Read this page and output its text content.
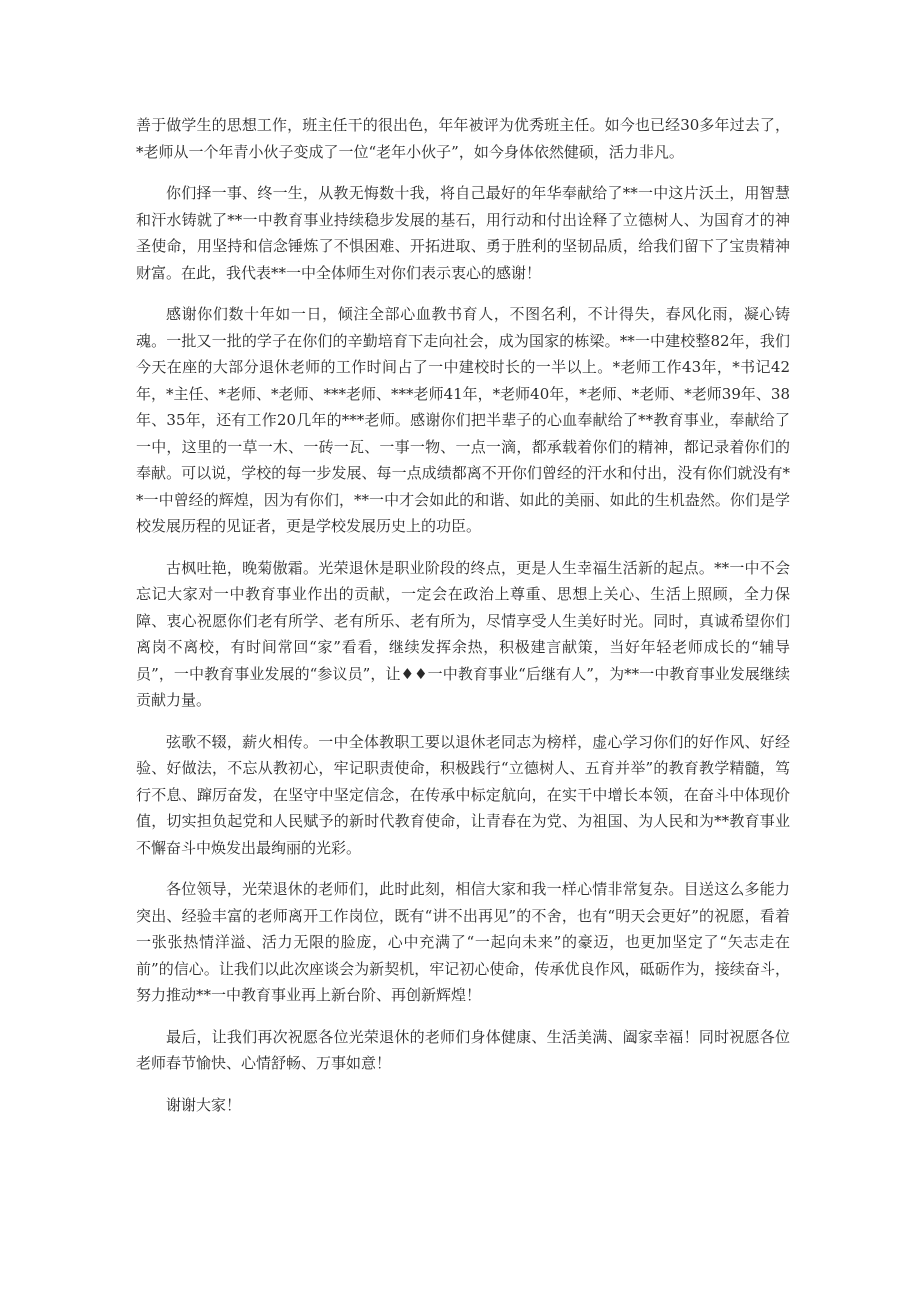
善于做学生的思想工作，班主任干的很出色，年年被评为优秀班主任。如今也已经30多年过去了，*老师从一个年青小伙子变成了一位“老年小伙子”，如今身体依然健硕，活力非凡。

你们择一事、终一生，从教无悔数十我，将自己最好的年华奉献给了**一中这片沃土，用智慧和汗水铸就了**一中教育事业持续稳步发展的基石，用行动和付出诠释了立德树人、为国育才的神圣使命，用坚持和信念锤炼了不惧困难、开拓进取、勇于胜利的坚韧品质，给我们留下了宝贵精神财富。在此，我代表**一中全体师生对你们表示衷心的感谢！

感谢你们数十年如一日，倾注全部心血教书育人，不图名利，不计得失，春风化雨，凝心铸魂。一批又一批的学子在你们的辛勤培育下走向社会，成为国家的栋梁。**一中建校整82年，我们今天在座的大部分退休老师的工作时间占了一中建校时长的一半以上。*老师工作43年，*书记42年，*主任、*老师、*老师、***老师、***老师41年，*老师40年，*老师、*老师、*老师39年、38年、35年，还有工作20几年的***老师。感谢你们把半辈子的心血奉献给了**教育事业，奉献给了一中，这里的一草一木、一砖一瓦、一事一物、一点一滴，都承载着你们的精神，都记录着你们的奉献。可以说，学校的每一步发展、每一点成绩都离不开你们曾经的汗水和付出，没有你们就没有**一中曾经的辉煌，因为有你们，**一中才会如此的和谐、如此的美丽、如此的生机盎然。你们是学校发展历程的见证者，更是学校发展历史上的功臣。

古枫吐艳，晚菊傲霜。光荣退休是职业阶段的终点，更是人生幸福生活新的起点。**一中不会忘记大家对一中教育事业作出的贡献，一定会在政治上尊重、思想上关心、生活上照顾，全力保障、衷心祝愿你们老有所学、老有所乐、老有所为，尽情享受人生美好时光。同时，真诚希望你们离岗不离校，有时间常回“家”看看，继续发挥余热，积极建言献策，当好年轻老师成长的“辅导员”，一中教育事业发展的“参议员”，让♦♦一中教育事业“后继有人”，为**一中教育事业发展继续贡献力量。

弦歌不辍，薪火相传。一中全体教职工要以退休老同志为榜样，虚心学习你们的好作风、好经验、好做法，不忘从教初心，牢记职责使命，积极践行“立德树人、五育并举”的教育教学精髓，笃行不息、蹿厉奋发，在坚守中坚定信念，在传承中标定航向，在实干中增长本领，在奋斗中体现价值，切实担负起党和人民赋予的新时代教育使命，让青春在为党、为祖国、为人民和为**教育事业不懈奋斗中焕发出最绚丽的光彩。

各位领导，光荣退休的老师们，此时此刻，相信大家和我一样心情非常复杂。目送这么多能力突出、经验丰富的老师离开工作岗位，既有“讲不出再见”的不舍，也有“明天会更好”的祝愿，看着一张张热情洋溢、活力无限的脸庞，心中充满了“一起向未来”的豪迈，也更加坚定了“矢志走在前”的信心。让我们以此次座谈会为新契机，牢记初心使命，传承优良作风，砥砺作为，接续奋斗，努力推动**一中教育事业再上新台阶、再创新辉煌！

最后，让我们再次祝愿各位光荣退休的老师们身体健康、生活美满、阖家幸福！同时祝愿各位老师春节愉快、心情舒畅、万事如意！

谢谢大家！
